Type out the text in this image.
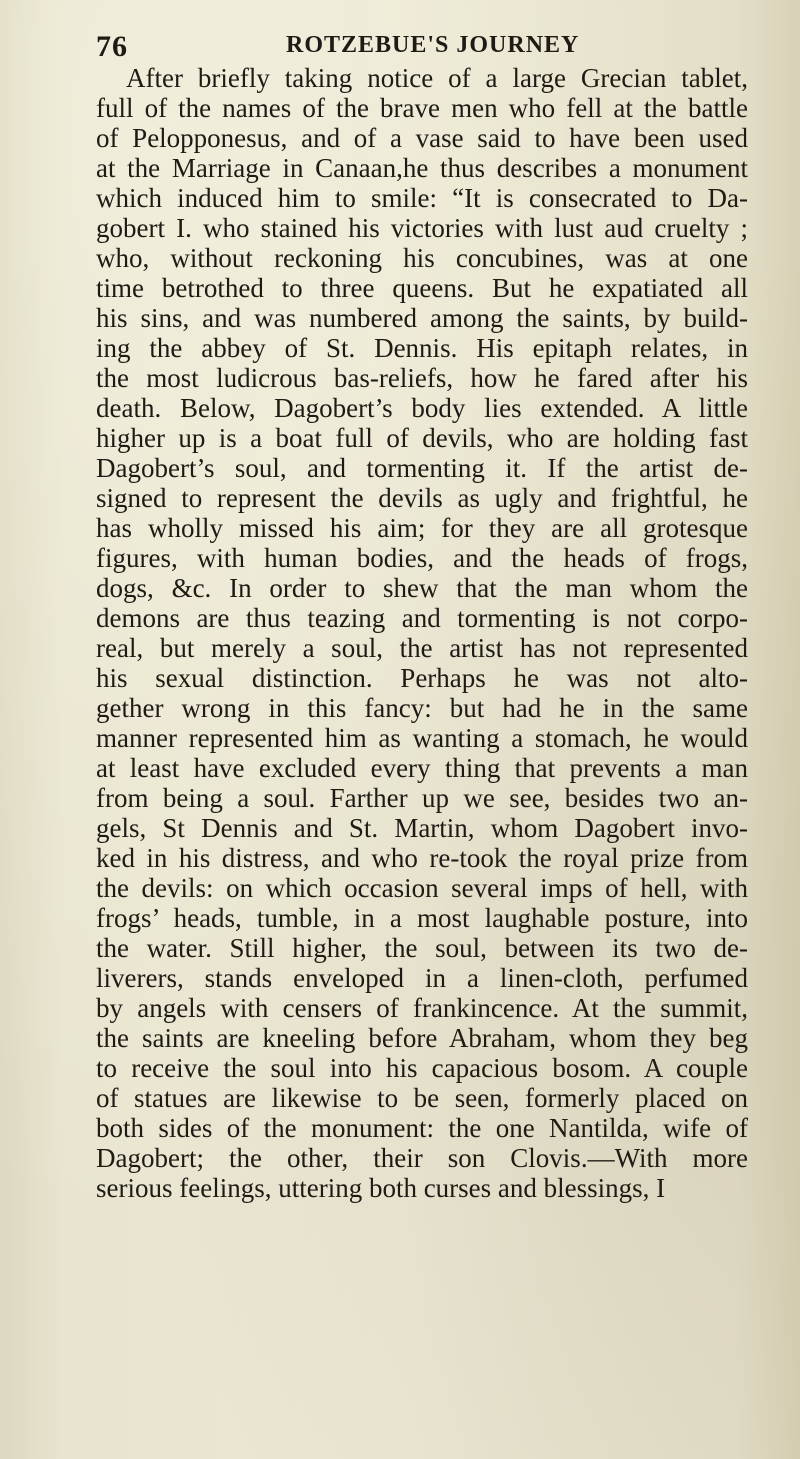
76	ROTZEBUE'S JOURNEY
After briefly taking notice of a large Grecian tablet,
full of the names of the brave men who fell at the battle
of Pelopponesus, and of a vase said to have been used
at the Marriage in Canaan,he thus describes a monument
which induced him to smile: “It is consecrated to Da-
gobert I. who stained his victories with lust aud cruelty ;
who, without reckoning his concubines, was at one
time betrothed to three queens. But he expatiated all
his sins, and was numbered among the saints, by build-
ing the abbey of St. Dennis. His epitaph relates, in
the most ludicrous bas-reliefs, how he fared after his
death. Below, Dagobert’s body lies extended. A little
higher up is a boat full of devils, who are holding fast
Dagobert’s soul, and tormenting it. If the artist de-
signed to represent the devils as ugly and frightful, he
has wholly missed his aim; for they are all grotesque
figures, with human bodies, and the heads of frogs,
dogs, &c. In order to shew that the man whom the
demons are thus teazing and tormenting is not corpo-
real, but merely a soul, the artist has not represented
his sexual distinction. Perhaps he was not alto-
gether wrong in this fancy: but had he in the same
manner represented him as wanting a stomach, he would
at least have excluded every thing that prevents a man
from being a soul. Farther up we see, besides two an-
gels, St Dennis and St. Martin, whom Dagobert invo-
ked in his distress, and who re-took the royal prize from
the devils: on which occasion several imps of hell, with
frogs’ heads, tumble, in a most laughable posture, into
the water. Still higher, the soul, between its two de-
liverers, stands enveloped in a linen-cloth, perfumed
by angels with censers of frankincence. At the summit,
the saints are kneeling before Abraham, whom they beg
to receive the soul into his capacious bosom. A couple
of statues are likewise to be seen, formerly placed on
both sides of the monument: the one Nantilda, wife of
Dagobert; the other, their son Clovis.—With more
serious feelings, uttering both curses and blessings, I
